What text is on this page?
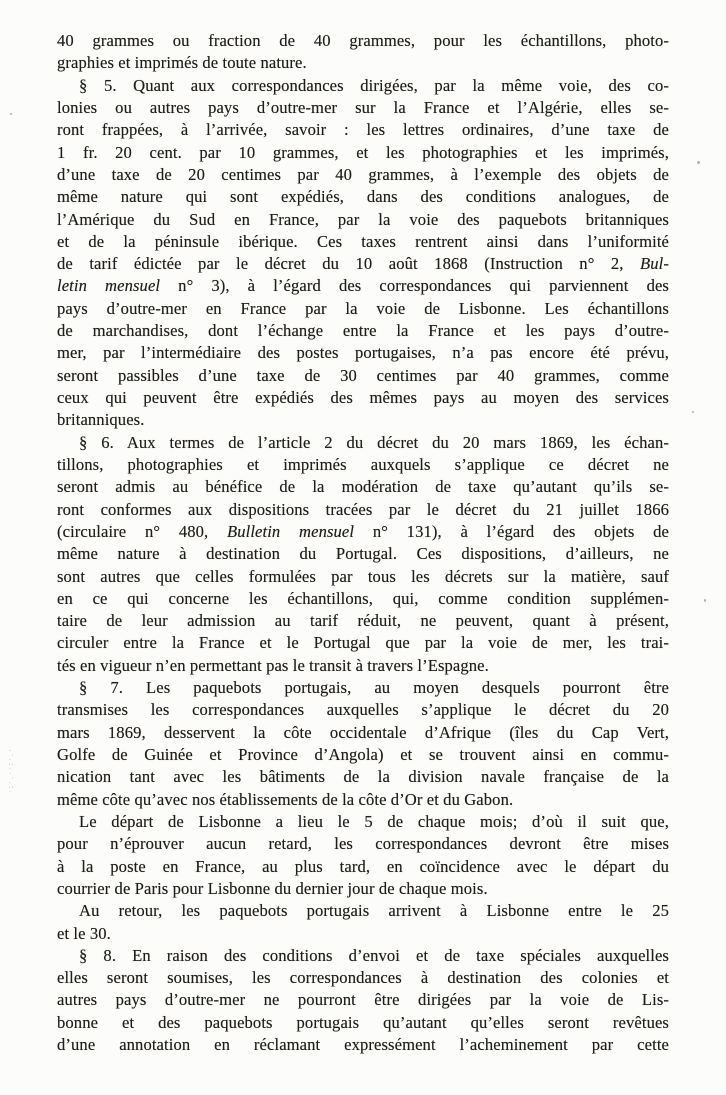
40 grammes ou fraction de 40 grammes, pour les échantillons, photo-
graphies et imprimés de toute nature.
§ 5. Quant aux correspondances dirigées, par la même voie, des co-
lonies ou autres pays d’outre-mer sur la France et l’Algérie, elles se-
ront frappées, à l’arrivée, savoir : les lettres ordinaires, d’une taxe de
1 fr. 20 cent. par 10 grammes, et les photographies et les imprimés,
d’une taxe de 20 centimes par 40 grammes, à l’exemple des objets de
même nature qui sont expédiés, dans des conditions analogues, de
l’Amérique du Sud en France, par la voie des paquebots britanniques
et de la péninsule ibérique. Ces taxes rentrent ainsi dans l’uniformité
de tarif édictée par le décret du 10 août 1868 (Instruction n° 2, Bul-
letin mensuel n° 3), à l’égard des correspondances qui parviennent des
pays d’outre-mer en France par la voie de Lisbonne. Les échantillons
de marchandises, dont l’échange entre la France et les pays d’outre-
mer, par l’intermédiaire des postes portugaises, n’a pas encore été prévu,
seront passibles d’une taxe de 30 centimes par 40 grammes, comme
ceux qui peuvent être expédiés des mêmes pays au moyen des services
britanniques.
§ 6. Aux termes de l’article 2 du décret du 20 mars 1869, les échan-
tillons, photographies et imprimés auxquels s’applique ce décret ne
seront admis au bénéfice de la modération de taxe qu’autant qu’ils se-
ront conformes aux dispositions tracées par le décret du 21 juillet 1866
(circulaire n° 480, Bulletin mensuel n° 131), à l’égard des objets de
même nature à destination du Portugal. Ces dispositions, d’ailleurs, ne
sont autres que celles formulées par tous les décrets sur la matière, sauf
en ce qui concerne les échantillons, qui, comme condition supplémen-
taire de leur admission au tarif réduit, ne peuvent, quant à présent,
circuler entre la France et le Portugal que par la voie de mer, les trai-
tés en vigueur n’en permettant pas le transit à travers l’Espagne.
§ 7. Les paquebots portugais, au moyen desquels pourront être
transmises les correspondances auxquelles s’applique le décret du 20
mars 1869, desservent la côte occidentale d’Afrique (îles du Cap Vert,
Golfe de Guinée et Province d’Angola) et se trouvent ainsi en commu-
nication tant avec les bâtiments de la division navale française de la
même côte qu’avec nos établissements de la côte d’Or et du Gabon.
Le départ de Lisbonne a lieu le 5 de chaque mois; d’où il suit que,
pour n’éprouver aucun retard, les correspondances devront être mises
à la poste en France, au plus tard, en coïncidence avec le départ du
courrier de Paris pour Lisbonne du dernier jour de chaque mois.
Au retour, les paquebots portugais arrivent à Lisbonne entre le 25
et le 30.
§ 8. En raison des conditions d’envoi et de taxe spéciales auxquelles
elles seront soumises, les correspondances à destination des colonies et
autres pays d’outre-mer ne pourront être dirigées par la voie de Lis-
bonne et des paquebots portugais qu’autant qu’elles seront revêtues
d’une annotation en réclamant expressément l’acheminement par cette
·:·.··:·.·
